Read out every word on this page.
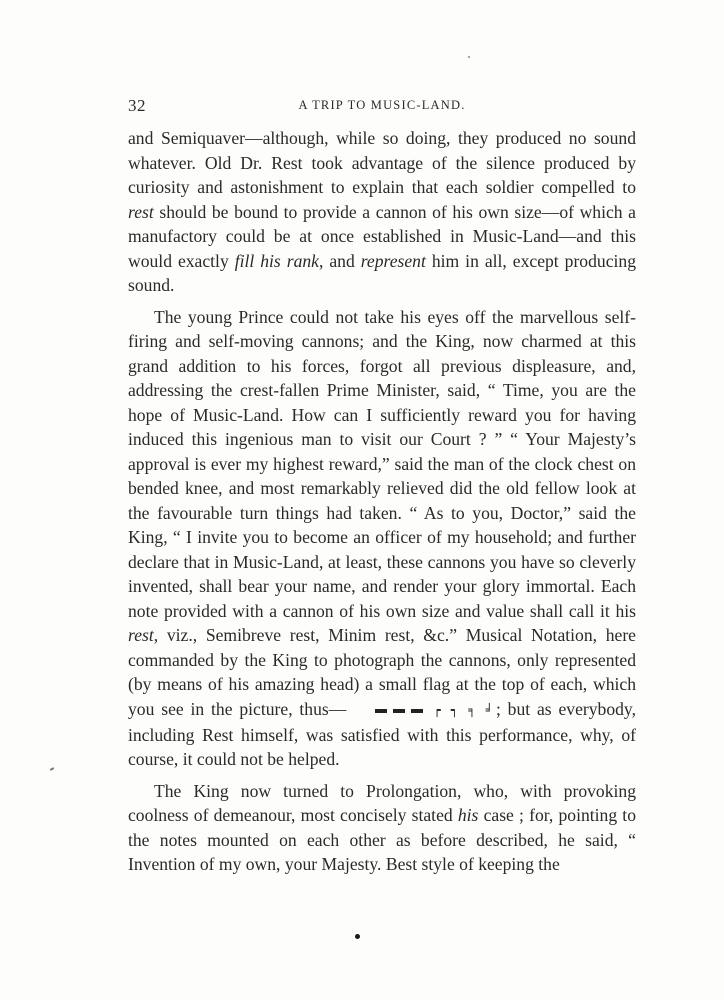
32	A TRIP TO MUSIC-LAND.

and Semiquaver—although, while so doing, they produced no sound whatever. Old Dr. Rest took advantage of the silence produced by curiosity and astonishment to explain that each soldier compelled to rest should be bound to provide a cannon of his own size—of which a manufactory could be at once established in Music-Land—and this would exactly fill his rank, and represent him in all, except producing sound.

The young Prince could not take his eyes off the marvellous self-firing and self-moving cannons; and the King, now charmed at this grand addition to his forces, forgot all previous displeasure, and, addressing the crest-fallen Prime Minister, said, “ Time, you are the hope of Music-Land. How can I sufficiently reward you for having induced this ingenious man to visit our Court ? ” “ Your Majesty’s approval is ever my highest reward,” said the man of the clock chest on bended knee, and most remarkably relieved did the old fellow look at the favourable turn things had taken. “ As to you, Doctor,” said the King, “ I invite you to become an officer of my household; and further declare that in Music-Land, at least, these cannons you have so cleverly invented, shall bear your name, and render your glory immortal. Each note provided with a cannon of his own size and value shall call it his rest, viz., Semibreve rest, Minim rest, &c.” Musical Notation, here commanded by the King to photograph the cannons, only represented (by means of his amazing head) a small flag at the top of each, which you see in the picture, thus—	┍ ┑ ╕ ╛; but as everybody, including Rest himself, was satisfied with this performance, why, of course, it could not be helped.

The King now turned to Prolongation, who, with provoking coolness of demeanour, most concisely stated his case ; for, pointing to the notes mounted on each other as before described, he said, “ Invention of my own, your Majesty. Best style of keeping the
